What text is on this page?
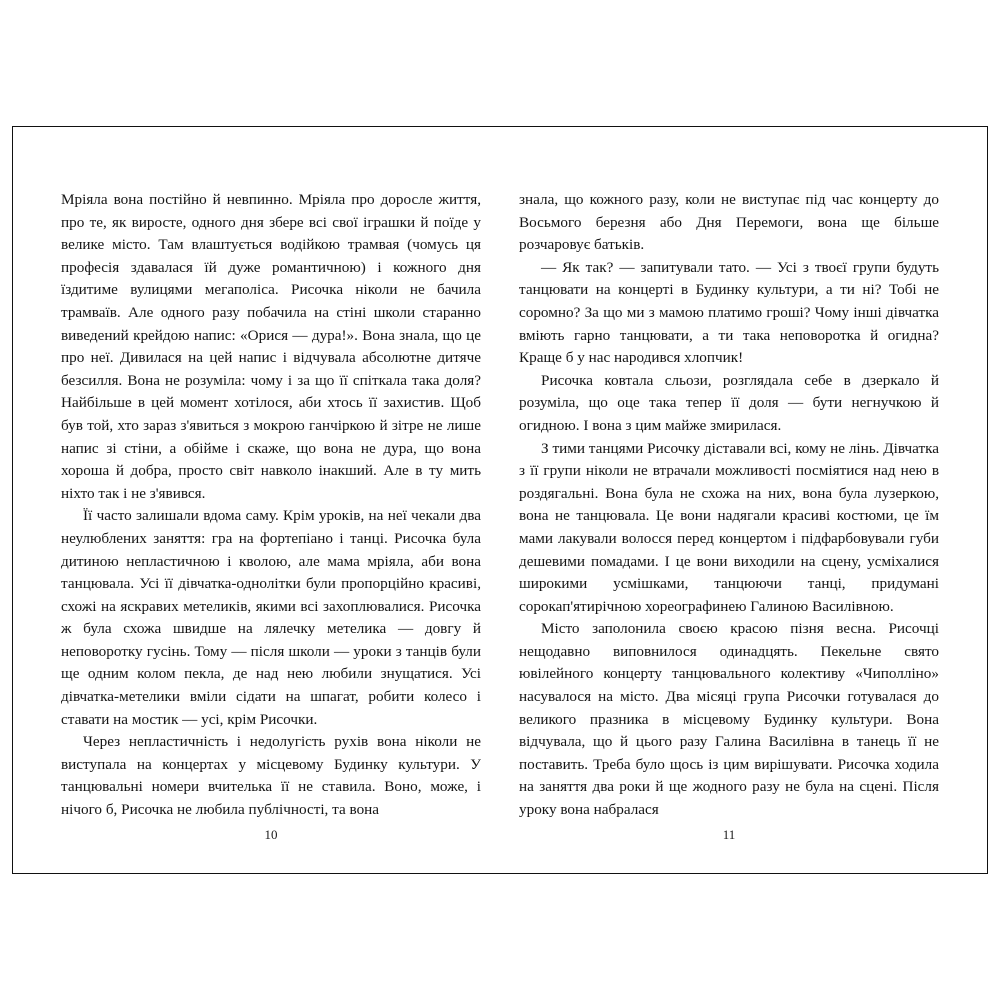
Мріяла вона постійно й невпинно. Мріяла про доросле життя, про те, як виросте, одного дня збере всі свої іграшки й поїде у велике місто. Там влаштується водійкою трамвая (чомусь ця професія здавалася їй дуже романтичною) і кожного дня їздитиме вулицями мегаполіса. Рисочка ніколи не бачила трамваїв. Але одного разу побачила на стіні школи старанно виведений крейдою напис: «Орися — дура!». Вона знала, що це про неї. Дивилася на цей напис і відчувала абсолютне дитяче безсилля. Вона не розуміла: чому і за що її спіткала така доля? Найбільше в цей момент хотілося, аби хтось її захистив. Щоб був той, хто зараз з'явиться з мокрою ганчіркою й зітре не лише напис зі стіни, а обійме і скаже, що вона не дура, що вона хороша й добра, просто світ навколо інакший. Але в ту мить ніхто так і не з'явився.

Її часто залишали вдома саму. Крім уроків, на неї чекали два неулюблених заняття: гра на фортепіано і танці. Рисочка була дитиною непластичною і кволою, але мама мріяла, аби вона танцювала. Усі її дівчатка-однолітки були пропорційно красиві, схожі на яскравих метеликів, якими всі захоплювалися. Рисочка ж була схожа швидше на лялечку метелика — довгу й неповоротку гусінь. Тому — після школи — уроки з танців були ще одним колом пекла, де над нею любили знущатися. Усі дівчатка-метелики вміли сідати на шпагат, робити колесо і ставати на мостик — усі, крім Рисочки.

Через непластичність і недолугість рухів вона ніколи не виступала на концертах у місцевому Будинку культури. У танцювальні номери вчителька її не ставила. Воно, може, і нічого б, Рисочка не любила публічності, та вона

10

знала, що кожного разу, коли не виступає під час концерту до Восьмого березня або Дня Перемоги, вона ще більше розчаровує батьків.

— Як так? — запитували тато. — Усі з твоєї групи будуть танцювати на концерті в Будинку культури, а ти ні? Тобі не соромно? За що ми з мамою платимо гроші? Чому інші дівчатка вміють гарно танцювати, а ти така неповоротка й огидна? Краще б у нас народився хлопчик!

Рисочка ковтала сльози, розглядала себе в дзеркало й розуміла, що оце така тепер її доля — бути негнучкою й огидною. І вона з цим майже змирилася.

З тими танцями Рисочку діставали всі, кому не лінь. Дівчатка з її групи ніколи не втрачали можливості посміятися над нею в роздягальні. Вона була не схожа на них, вона була лузеркою, вона не танцювала. Це вони надягали красиві костюми, це їм мами лакували волосся перед концертом і підфарбовували губи дешевими помадами. І це вони виходили на сцену, усміхалися широкими усмішками, танцюючи танці, придумані сорокап'ятирічною хореографинею Галиною Василівною.

Місто заполонила своєю красою пізня весна. Рисочці нещодавно виповнилося одинадцять. Пекельне свято ювілейного концерту танцювального колективу «Чиполліно» насувалося на місто. Два місяці група Рисочки готувалася до великого празника в місцевому Будинку культури. Вона відчувала, що й цього разу Галина Василівна в танець її не поставить. Треба було щось із цим вирішувати. Рисочка ходила на заняття два роки й ще жодного разу не була на сцені. Після уроку вона набралася

11
